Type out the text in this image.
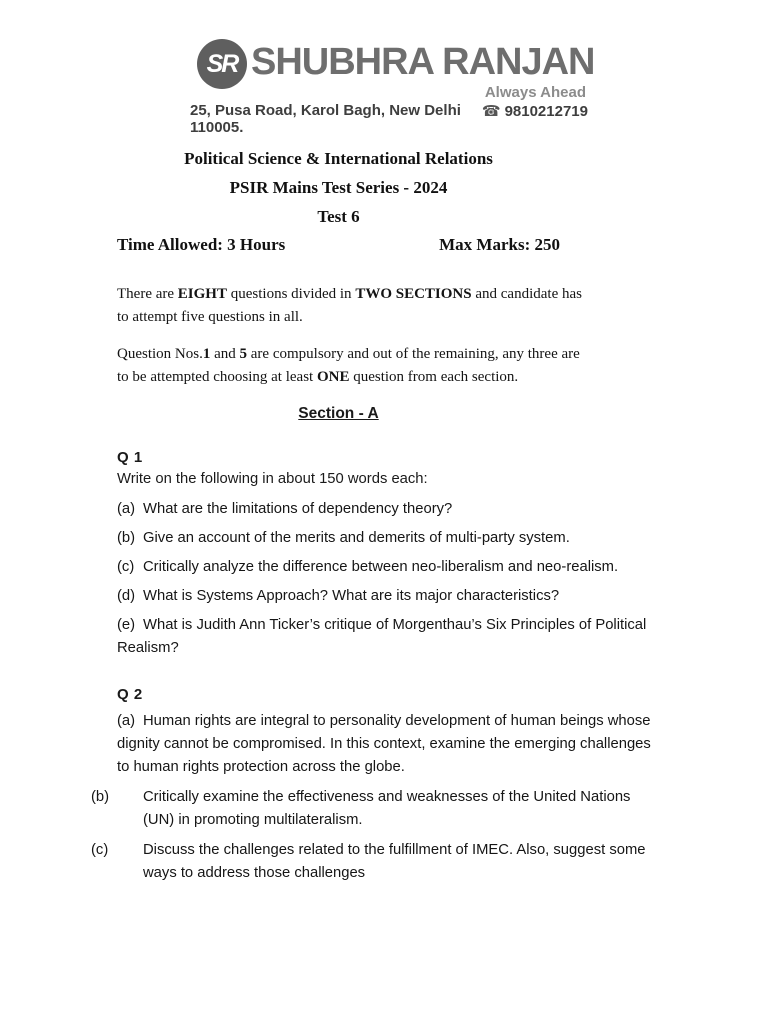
SR SHUBHRA RANJAN
Always Ahead
25, Pusa Road, Karol Bagh, New Delhi 110005.
☎ 9810212719
Political Science & International Relations
PSIR Mains Test Series - 2024
Test 6
Time Allowed: 3 Hours	Max Marks: 250

There are EIGHT questions divided in TWO SECTIONS and candidate has to attempt five questions in all.

Question Nos.1 and 5 are compulsory and out of the remaining, any three are to be attempted choosing at least ONE question from each section.

Section - A
Q 1
Write on the following in about 150 words each:
(a) What are the limitations of dependency theory?
(b) Give an account of the merits and demerits of multi-party system.
(c) Critically analyze the difference between neo-liberalism and neo-realism.
(d) What is Systems Approach? What are its major characteristics?
(e) What is Judith Ann Ticker’s critique of Morgenthau’s Six Principles of Political Realism?
Q 2
(a) Human rights are integral to personality development of human beings whose dignity cannot be compromised. In this context, examine the emerging challenges to human rights protection across the globe.
(b) Critically examine the effectiveness and weaknesses of the United Nations (UN) in promoting multilateralism.
(c) Discuss the challenges related to the fulfillment of IMEC. Also, suggest some ways to address those challenges
